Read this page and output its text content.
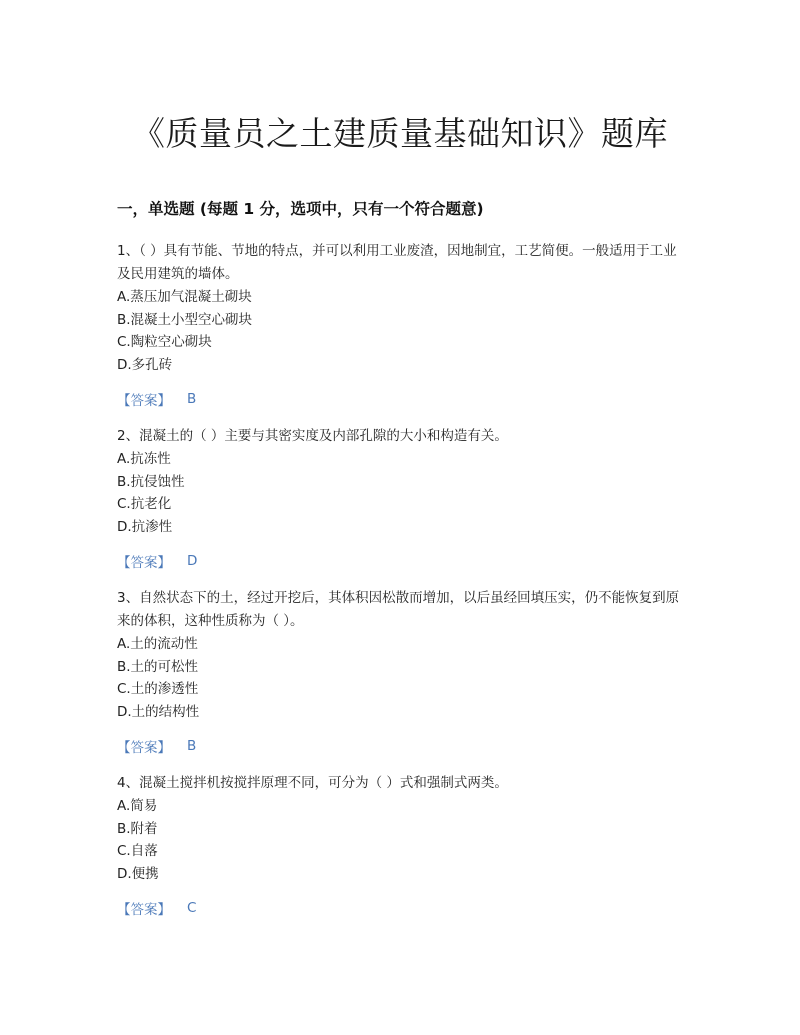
《质量员之土建质量基础知识》题库
一，单选题 (每题 1 分，选项中，只有一个符合题意)

1、（ ）具有节能、节地的特点，并可以利用工业废渣，因地制宜，工艺简便。一般适用于工业及民用建筑的墙体。

A.蒸压加气混凝土砌块

B.混凝土小型空心砌块

C.陶粒空心砌块

D.多孔砖

【答案】 B

2、混凝土的（ ）主要与其密实度及内部孔隙的大小和构造有关。

A.抗冻性

B.抗侵蚀性

C.抗老化

D.抗渗性

【答案】 D

3、自然状态下的土，经过开挖后，其体积因松散而增加，以后虽经回填压实，仍不能恢复到原来的体积，这种性质称为（ ）。

A.土的流动性

B.土的可松性

C.土的渗透性

D.土的结构性

【答案】 B

4、混凝土搅拌机按搅拌原理不同，可分为（ ）式和强制式两类。

A.简易

B.附着

C.自落

D.便携

【答案】 C
